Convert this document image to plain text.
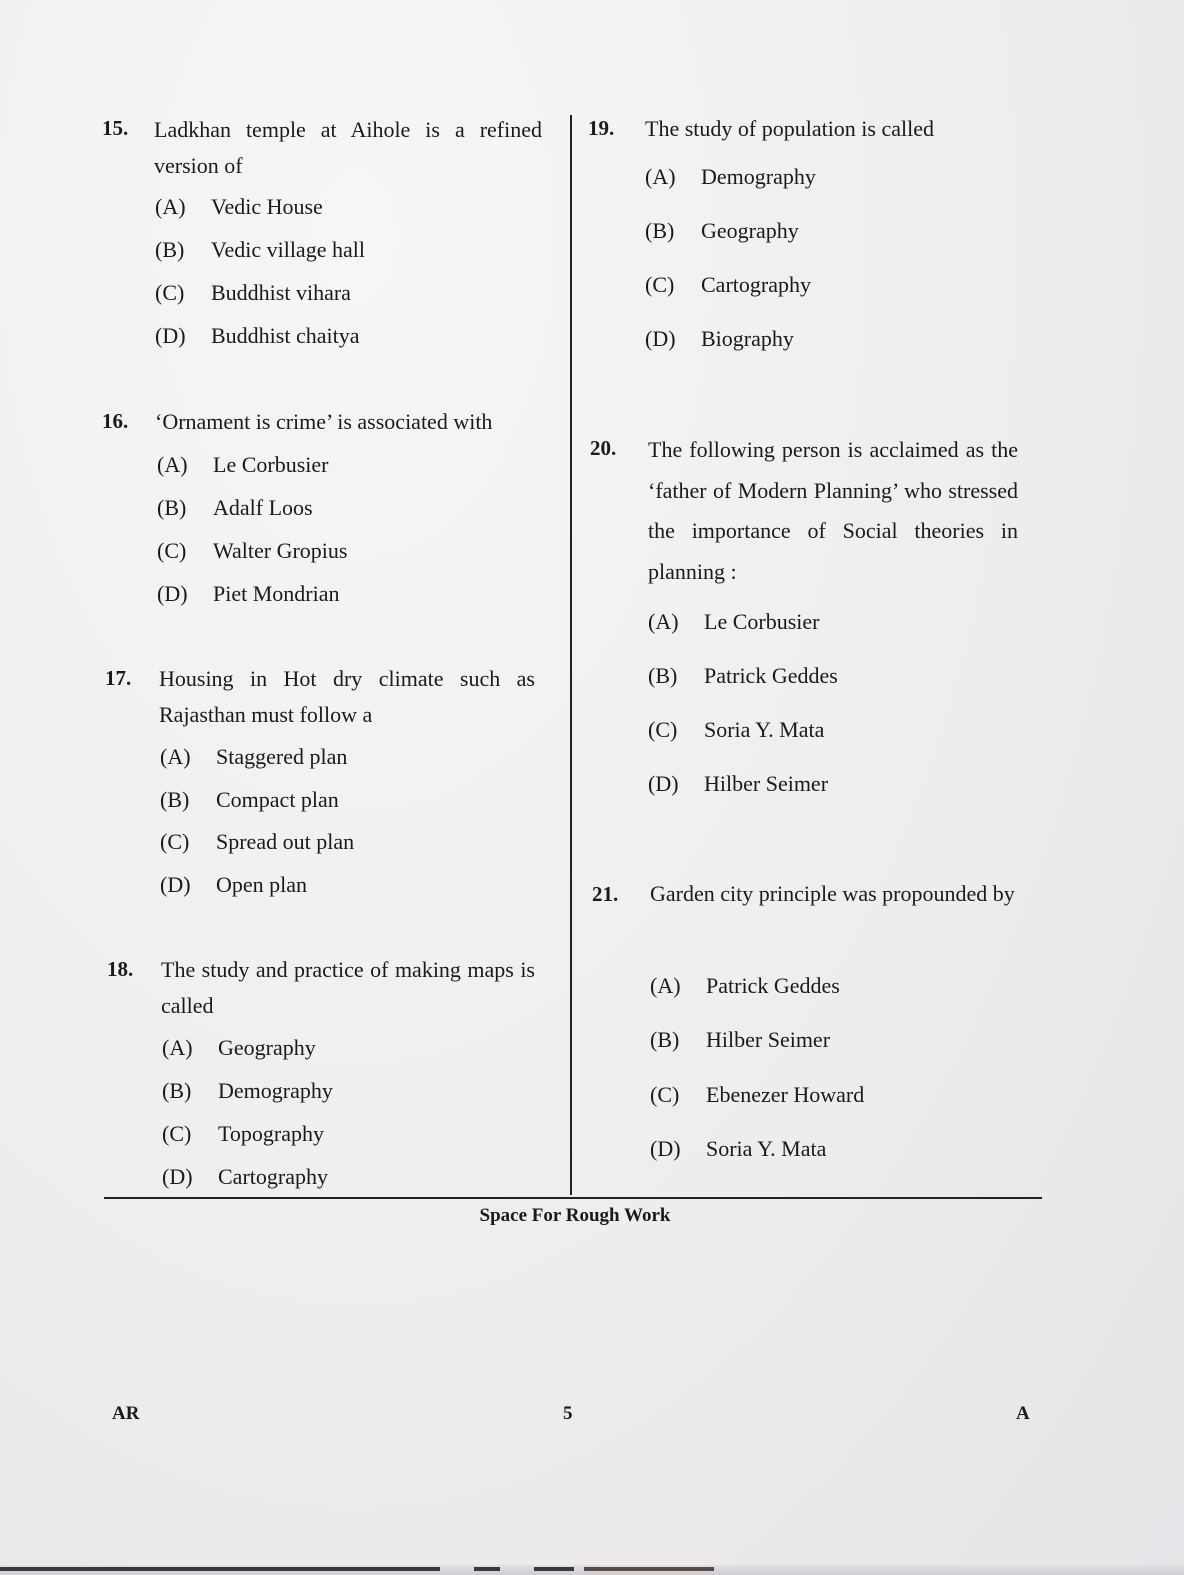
15. Ladkhan temple at Aihole is a refined version of
(A) Vedic House
(B) Vedic village hall
(C) Buddhist vihara
(D) Buddhist chaitya
16. ‘Ornament is crime’ is associated with
(A) Le Corbusier
(B) Adalf Loos
(C) Walter Gropius
(D) Piet Mondrian
17. Housing in Hot dry climate such as Rajasthan must follow a
(A) Staggered plan
(B) Compact plan
(C) Spread out plan
(D) Open plan
18. The study and practice of making maps is called
(A) Geography
(B) Demography
(C) Topography
(D) Cartography
19. The study of population is called
(A) Demography
(B) Geography
(C) Cartography
(D) Biography
20. The following person is acclaimed as the ‘father of Modern Planning’ who stressed the importance of Social theories in planning :
(A) Le Corbusier
(B) Patrick Geddes
(C) Soria Y. Mata
(D) Hilber Seimer
21. Garden city principle was propounded by
(A) Patrick Geddes
(B) Hilber Seimer
(C) Ebenezer Howard
(D) Soria Y. Mata
Space For Rough Work
AR	5	A
